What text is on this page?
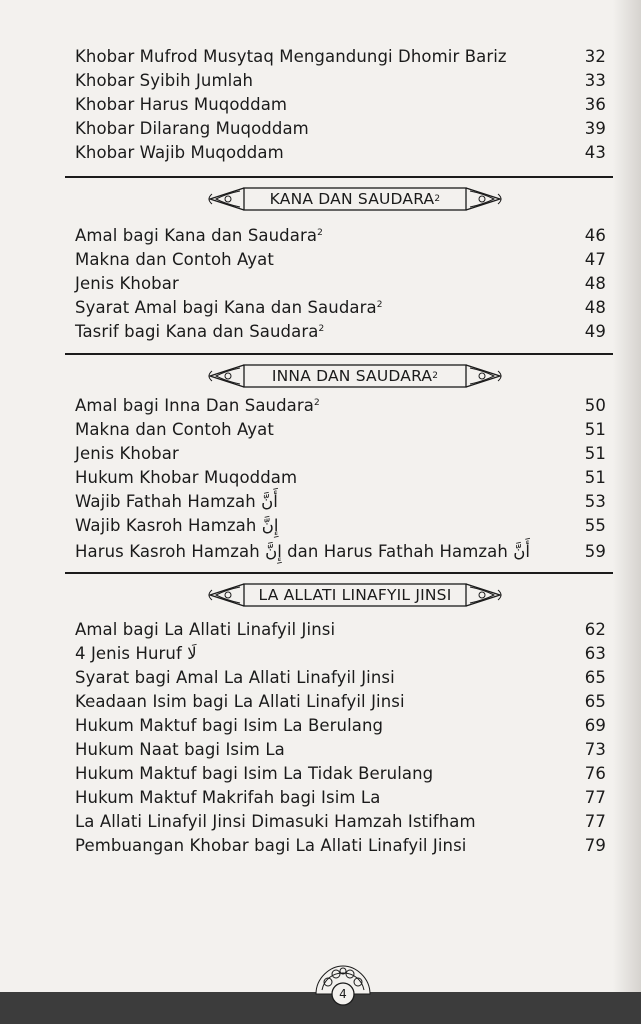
Khobar Mufrod Musytaq Mengandungi Dhomir Bariz	32
Khobar Syibih Jumlah	33
Khobar Harus Muqoddam	36
Khobar Dilarang Muqoddam	39
Khobar Wajib Muqoddam	43
KANA DAN SAUDARA 2
Amal bagi Kana dan Saudara$^2$	46
Makna dan Contoh Ayat	47
Jenis Khobar	48
Syarat Amal bagi Kana dan Saudara$^2$	48
Tasrif bagi Kana dan Saudara$^2$	49
INNA DAN SAUDARA 2
Amal bagi Inna Dan Saudara$^2$	50
Makna dan Contoh Ayat	51
Jenis Khobar	51
Hukum Khobar Muqoddam	51
Wajib Fathah Hamzah أَنَّ	53
Wajib Kasroh Hamzah إِنَّ	55
Harus Kasroh Hamzah إِنَّ dan Harus Fathah Hamzah أَنَّ	59
LA ALLATI LINAFYIL JINSI
Amal bagi La Allati Linafyil Jinsi	62
4 Jenis Huruf لَا	63
Syarat bagi Amal La Allati Linafyil Jinsi	65
Keadaan Isim bagi La Allati Linafyil Jinsi	65
Hukum Maktuf bagi Isim La Berulang	69
Hukum Naat bagi Isim La	73
Hukum Maktuf bagi Isim La Tidak Berulang	76
Hukum Maktuf Makrifah bagi Isim La	77
La Allati Linafyil Jinsi Dimasuki Hamzah Istifham	77
Pembuangan Khobar bagi La Allati Linafyil Jinsi	79
4
